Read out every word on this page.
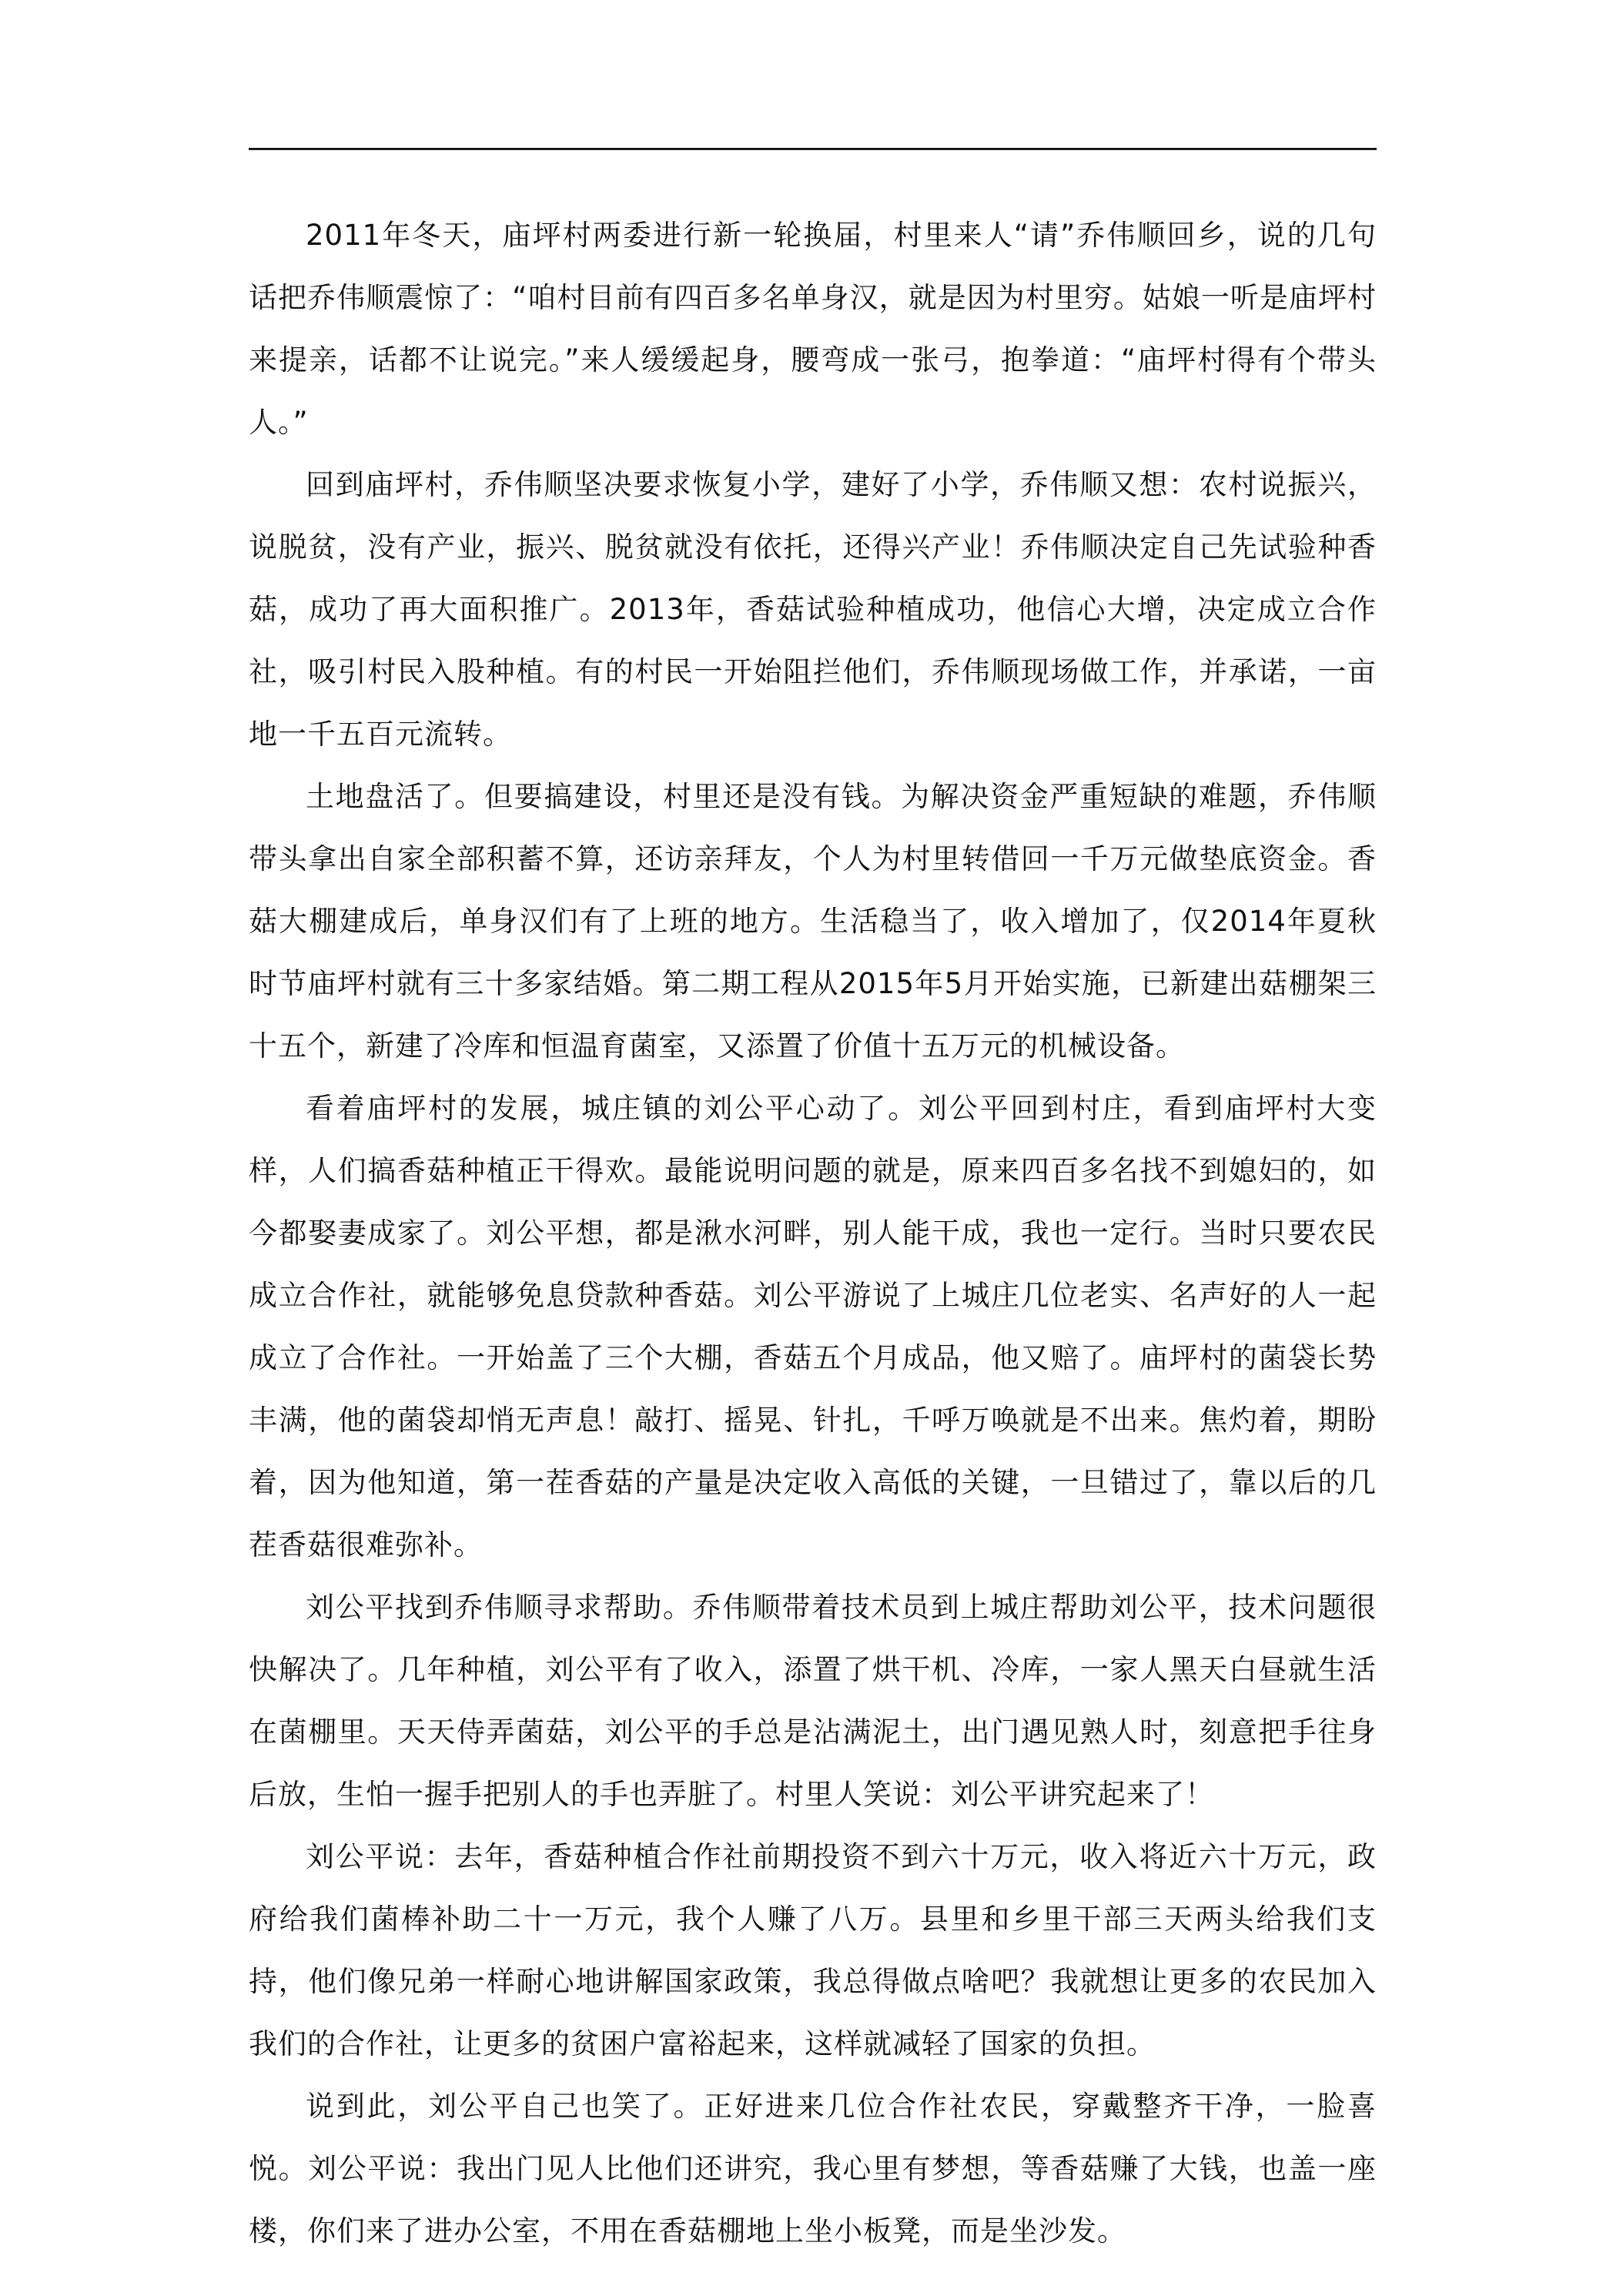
2011年冬天，庙坪村两委进行新一轮换届，村里来人“请”乔伟顺回乡，说的几句话把乔伟顺震惊了：“咱村目前有四百多名单身汉，就是因为村里穷。姑娘一听是庙坪村来提亲，话都不让说完。”来人缓缓起身，腰弯成一张弓，抱拳道：“庙坪村得有个带头人。”

回到庙坪村，乔伟顺坚决要求恢复小学，建好了小学，乔伟顺又想：农村说振兴，说脱贫，没有产业，振兴、脱贫就没有依托，还得兴产业！乔伟顺决定自己先试验种香菇，成功了再大面积推广。2013年，香菇试验种植成功，他信心大增，决定成立合作社，吸引村民入股种植。有的村民一开始阻拦他们，乔伟顺现场做工作，并承诺，一亩地一千五百元流转。

土地盘活了。但要搞建设，村里还是没有钱。为解决资金严重短缺的难题，乔伟顺带头拿出自家全部积蓄不算，还访亲拜友，个人为村里转借回一千万元做垫底资金。香菇大棚建成后，单身汉们有了上班的地方。生活稳当了，收入增加了，仅2014年夏秋时节庙坪村就有三十多家结婚。第二期工程从2015年5月开始实施，已新建出菇棚架三十五个，新建了冷库和恒温育菌室，又添置了价值十五万元的机械设备。

看着庙坪村的发展，城庄镇的刘公平心动了。刘公平回到村庄，看到庙坪村大变样，人们搞香菇种植正干得欢。最能说明问题的就是，原来四百多名找不到媳妇的，如今都娶妻成家了。刘公平想，都是湫水河畔，别人能干成，我也一定行。当时只要农民成立合作社，就能够免息贷款种香菇。刘公平游说了上城庄几位老实、名声好的人一起成立了合作社。一开始盖了三个大棚，香菇五个月成品，他又赔了。庙坪村的菌袋长势丰满，他的菌袋却悄无声息！敲打、摇晃、针扎，千呼万唤就是不出来。焦灼着，期盼着，因为他知道，第一茬香菇的产量是决定收入高低的关键，一旦错过了，靠以后的几茬香菇很难弥补。

刘公平找到乔伟顺寻求帮助。乔伟顺带着技术员到上城庄帮助刘公平，技术问题很快解决了。几年种植，刘公平有了收入，添置了烘干机、冷库，一家人黑天白昼就生活在菌棚里。天天侍弄菌菇，刘公平的手总是沾满泥土，出门遇见熟人时，刻意把手往身后放，生怕一握手把别人的手也弄脏了。村里人笑说：刘公平讲究起来了！

刘公平说：去年，香菇种植合作社前期投资不到六十万元，收入将近六十万元，政府给我们菌棒补助二十一万元，我个人赚了八万。县里和乡里干部三天两头给我们支持，他们像兄弟一样耐心地讲解国家政策，我总得做点啥吧？我就想让更多的农民加入我们的合作社，让更多的贫困户富裕起来，这样就减轻了国家的负担。

说到此，刘公平自己也笑了。正好进来几位合作社农民，穿戴整齐干净，一脸喜悦。刘公平说：我出门见人比他们还讲究，我心里有梦想，等香菇赚了大钱，也盖一座楼，你们来了进办公室，不用在香菇棚地上坐小板凳，而是坐沙发。
